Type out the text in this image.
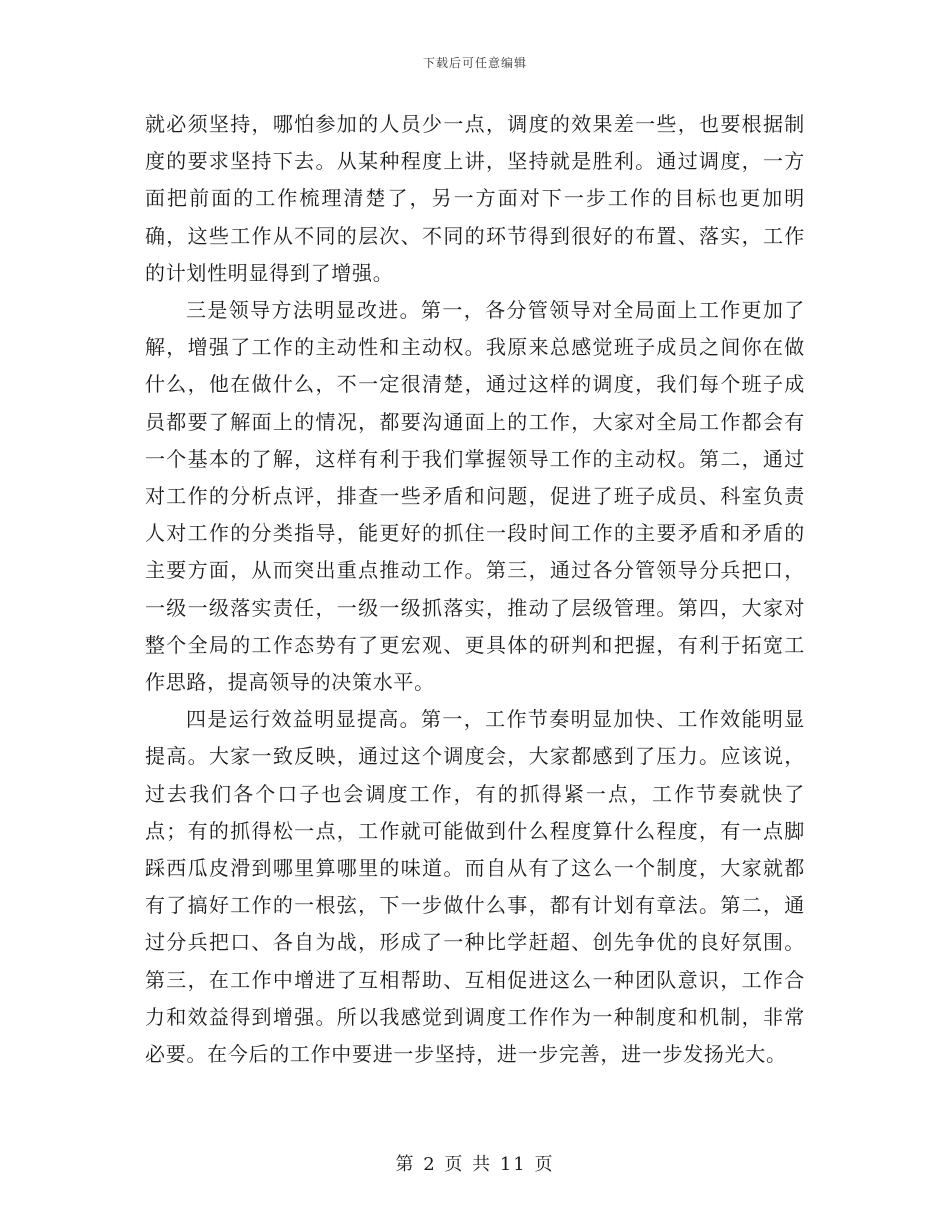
下载后可任意编辑

就必须坚持，哪怕参加的人员少一点，调度的效果差一些，也要根据制度的要求坚持下去。从某种程度上讲，坚持就是胜利。通过调度，一方面把前面的工作梳理清楚了，另一方面对下一步工作的目标也更加明确，这些工作从不同的层次、不同的环节得到很好的布置、落实，工作的计划性明显得到了增强。

三是领导方法明显改进。第一，各分管领导对全局面上工作更加了解，增强了工作的主动性和主动权。我原来总感觉班子成员之间你在做什么，他在做什么，不一定很清楚，通过这样的调度，我们每个班子成员都要了解面上的情况，都要沟通面上的工作，大家对全局工作都会有一个基本的了解，这样有利于我们掌握领导工作的主动权。第二，通过对工作的分析点评，排查一些矛盾和问题，促进了班子成员、科室负责人对工作的分类指导，能更好的抓住一段时间工作的主要矛盾和矛盾的主要方面，从而突出重点推动工作。第三，通过各分管领导分兵把口，一级一级落实责任，一级一级抓落实，推动了层级管理。第四，大家对整个全局的工作态势有了更宏观、更具体的研判和把握，有利于拓宽工作思路，提高领导的决策水平。

四是运行效益明显提高。第一，工作节奏明显加快、工作效能明显提高。大家一致反映，通过这个调度会，大家都感到了压力。应该说，过去我们各个口子也会调度工作，有的抓得紧一点，工作节奏就快了点；有的抓得松一点，工作就可能做到什么程度算什么程度，有一点脚踩西瓜皮滑到哪里算哪里的味道。而自从有了这么一个制度，大家就都有了搞好工作的一根弦，下一步做什么事，都有计划有章法。第二，通过分兵把口、各自为战，形成了一种比学赶超、创先争优的良好氛围。第三，在工作中增进了互相帮助、互相促进这么一种团队意识，工作合力和效益得到增强。所以我感觉到调度工作作为一种制度和机制，非常必要。在今后的工作中要进一步坚持，进一步完善，进一步发扬光大。

第 2 页 共 11 页
